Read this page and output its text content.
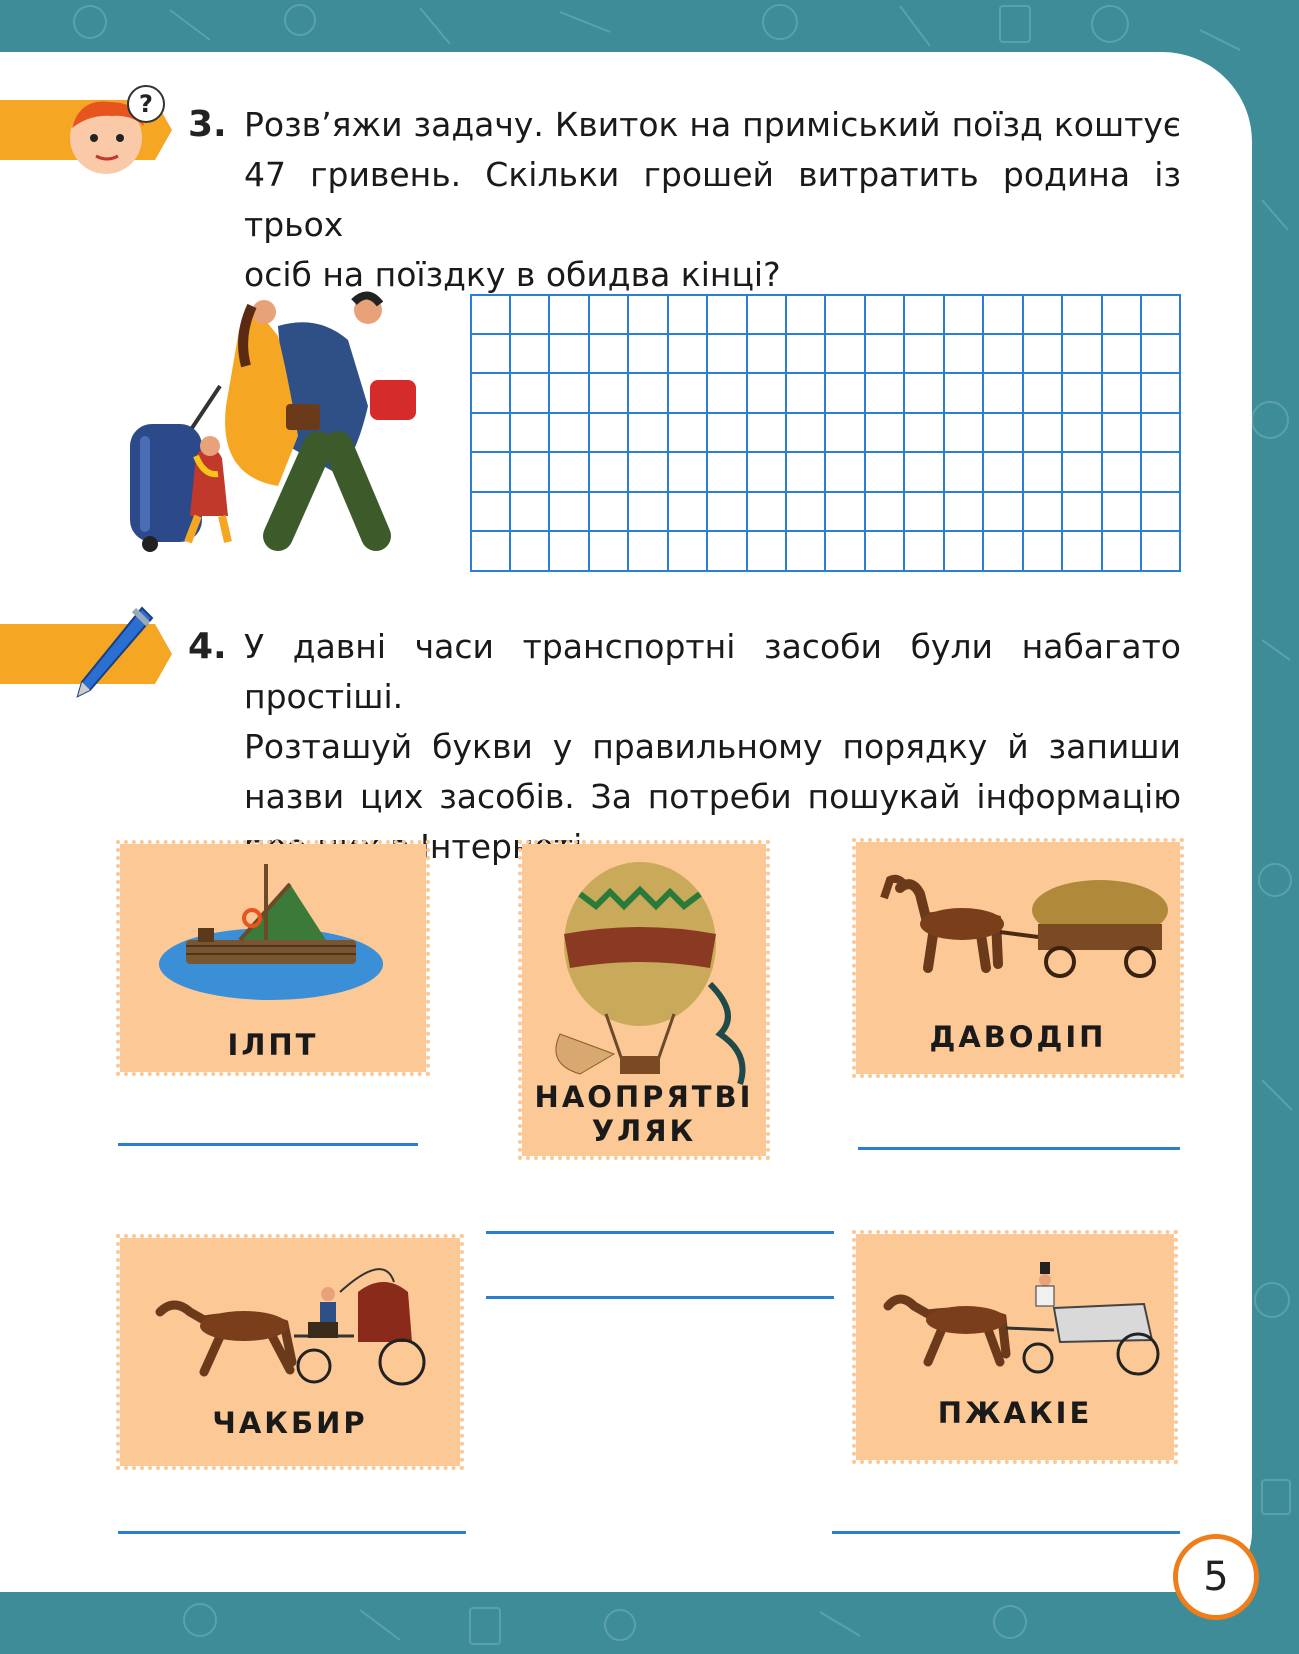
? 3. Розв’яжи задачу. Квиток на приміський поїзд коштує
47 гривень. Скільки грошей витратить родина із трьох
осіб на поїздку в обидва кінці?
4. У давні часи транспортні засоби були набагато простіші.
Розташуй букви у правильному порядку й запиши
назви цих засобів. За потреби пошукай інформацію
Інтернеті.
ІЛПТ
НАОПРЯТВІ
УЛЯК
ДАВОДІП
ЧАКБИР	ПЖАКІЕ
5
